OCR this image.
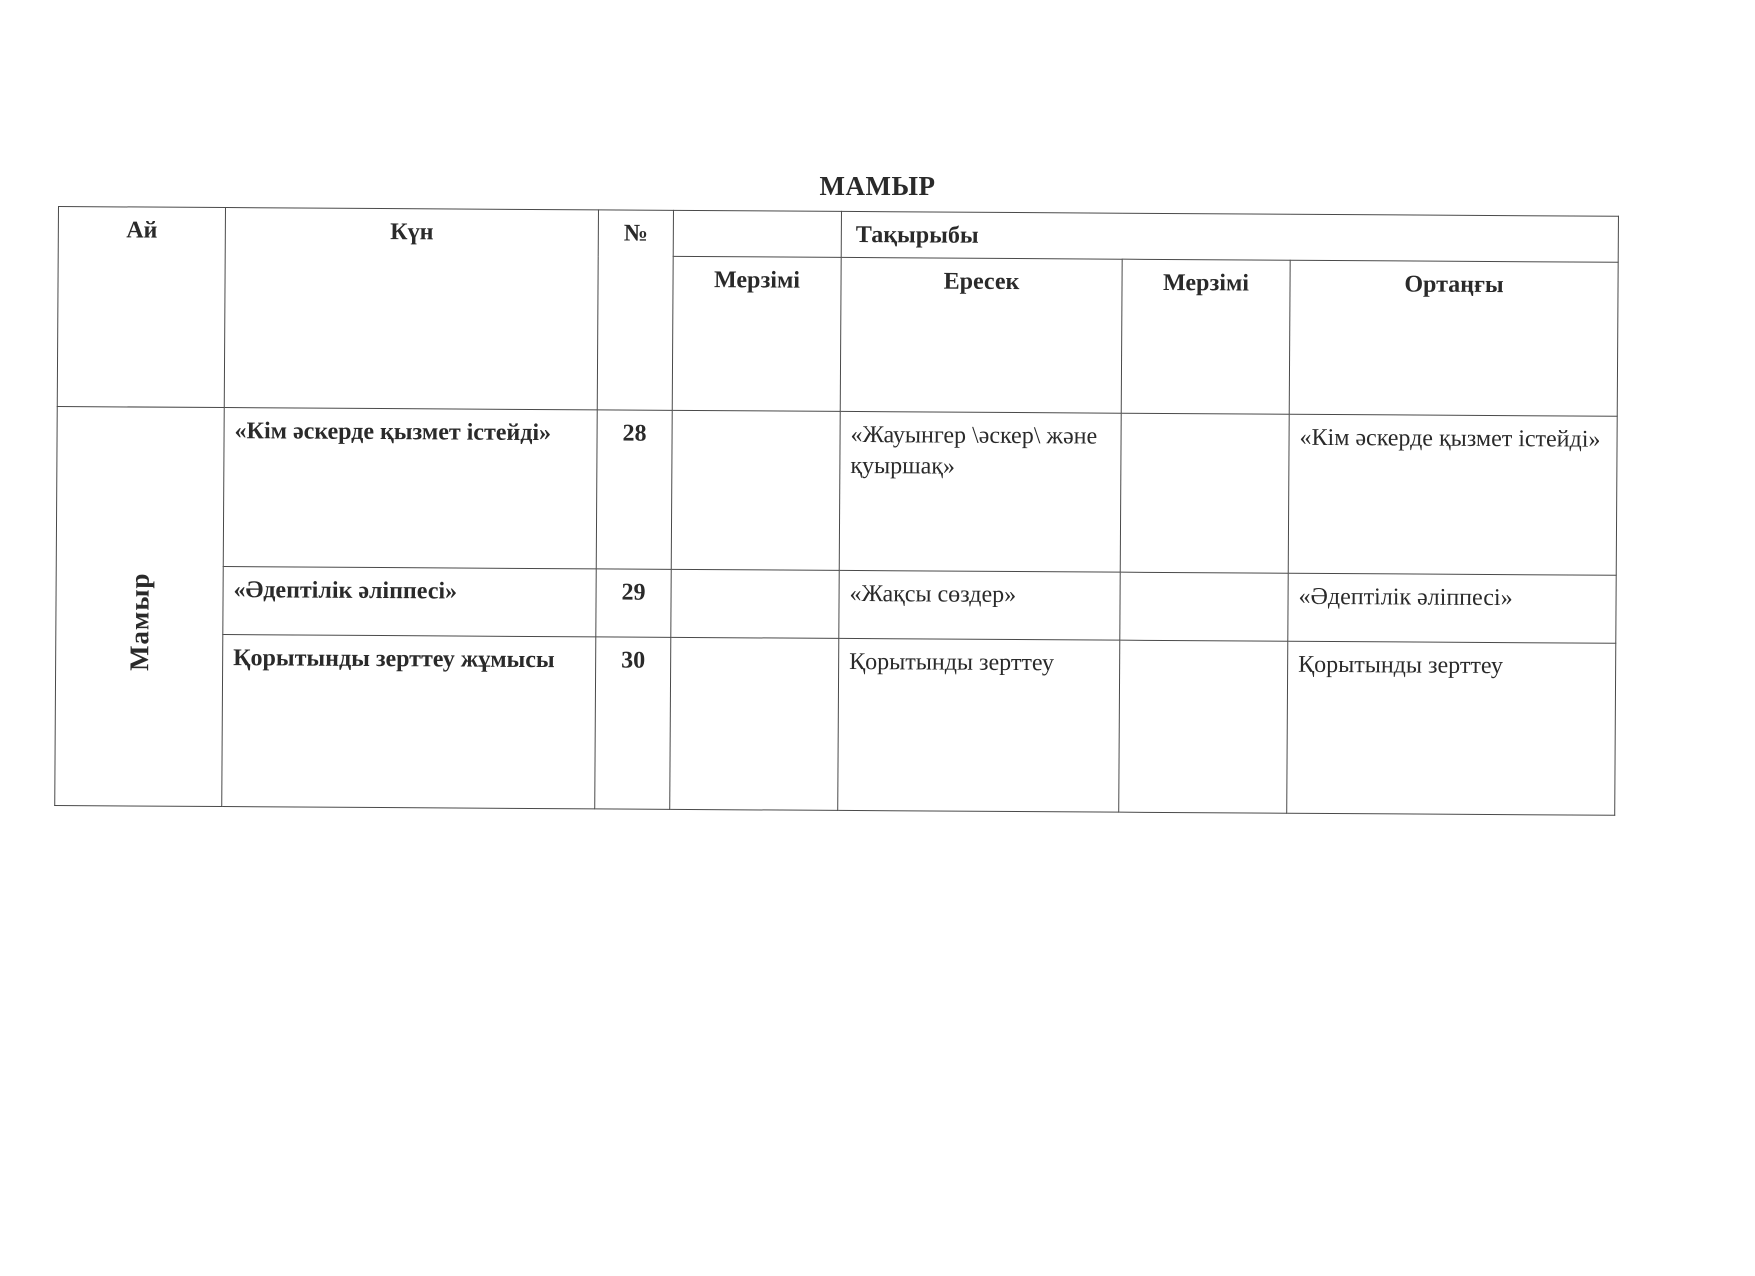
МАМЫР
Ай	Күн	№		Тақырыбы		
			Мерзімі	Ересек	Мерзімі	Ортаңғы
Мамыр	«Кім әскерде қызмет істейді»	28		«Жауынгер \әскер\ және қуыршақ»		«Кім әскерде қызмет істейді»
	«Әдептілік әліппесі»	29		«Жақсы сөздер»		«Әдептілік әліппесі»
	Қорытынды зерттеу жұмысы	30		Қорытынды зерттеу		Қорытынды зерттеу
